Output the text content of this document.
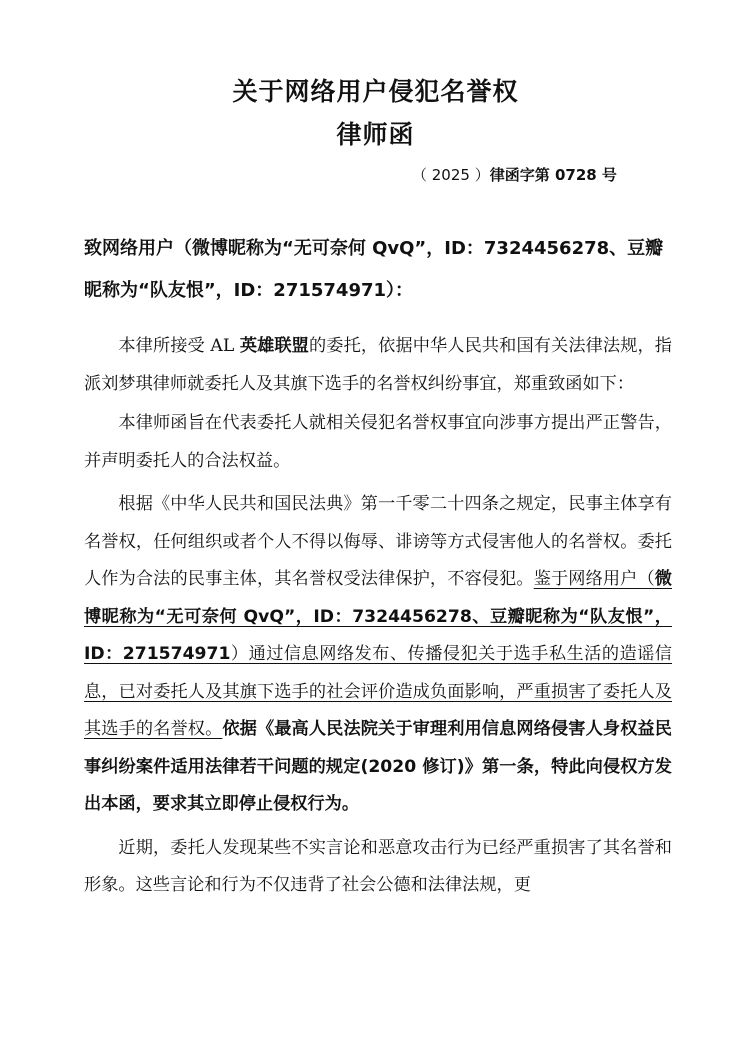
关于网络用户侵犯名誉权
律师函
（ 2025 ）律函字第 0728 号
致网络用户（微博昵称为“无可奈何 QvQ”，ID：7324456278、豆瓣昵称为“队友恨”，ID：271574971）：

本律所接受 AL 英雄联盟的委托，依据中华人民共和国有关法律法规，指派刘梦琪律师就委托人及其旗下选手的名誉权纠纷事宜，郑重致函如下：

本律师函旨在代表委托人就相关侵犯名誉权事宜向涉事方提出严正警告，并声明委托人的合法权益。

根据《中华人民共和国民法典》第一千零二十四条之规定，民事主体享有名誉权，任何组织或者个人不得以侮辱、诽谤等方式侵害他人的名誉权。委托人作为合法的民事主体，其名誉权受法律保护，不容侵犯。鉴于网络用户（微博昵称为“无可奈何 QvQ”，ID：7324456278、豆瓣昵称为“队友恨”，ID：271574971）通过信息网络发布、传播侵犯关于选手私生活的造谣信息，已对委托人及其旗下选手的社会评价造成负面影响，严重损害了委托人及其选手的名誉权。依据《最高人民法院关于审理利用信息网络侵害人身权益民事纠纷案件适用法律若干问题的规定(2020 修订)》第一条，特此向侵权方发出本函，要求其立即停止侵权行为。

近期，委托人发现某些不实言论和恶意攻击行为已经严重损害了其名誉和形象。这些言论和行为不仅违背了社会公德和法律法规，更
